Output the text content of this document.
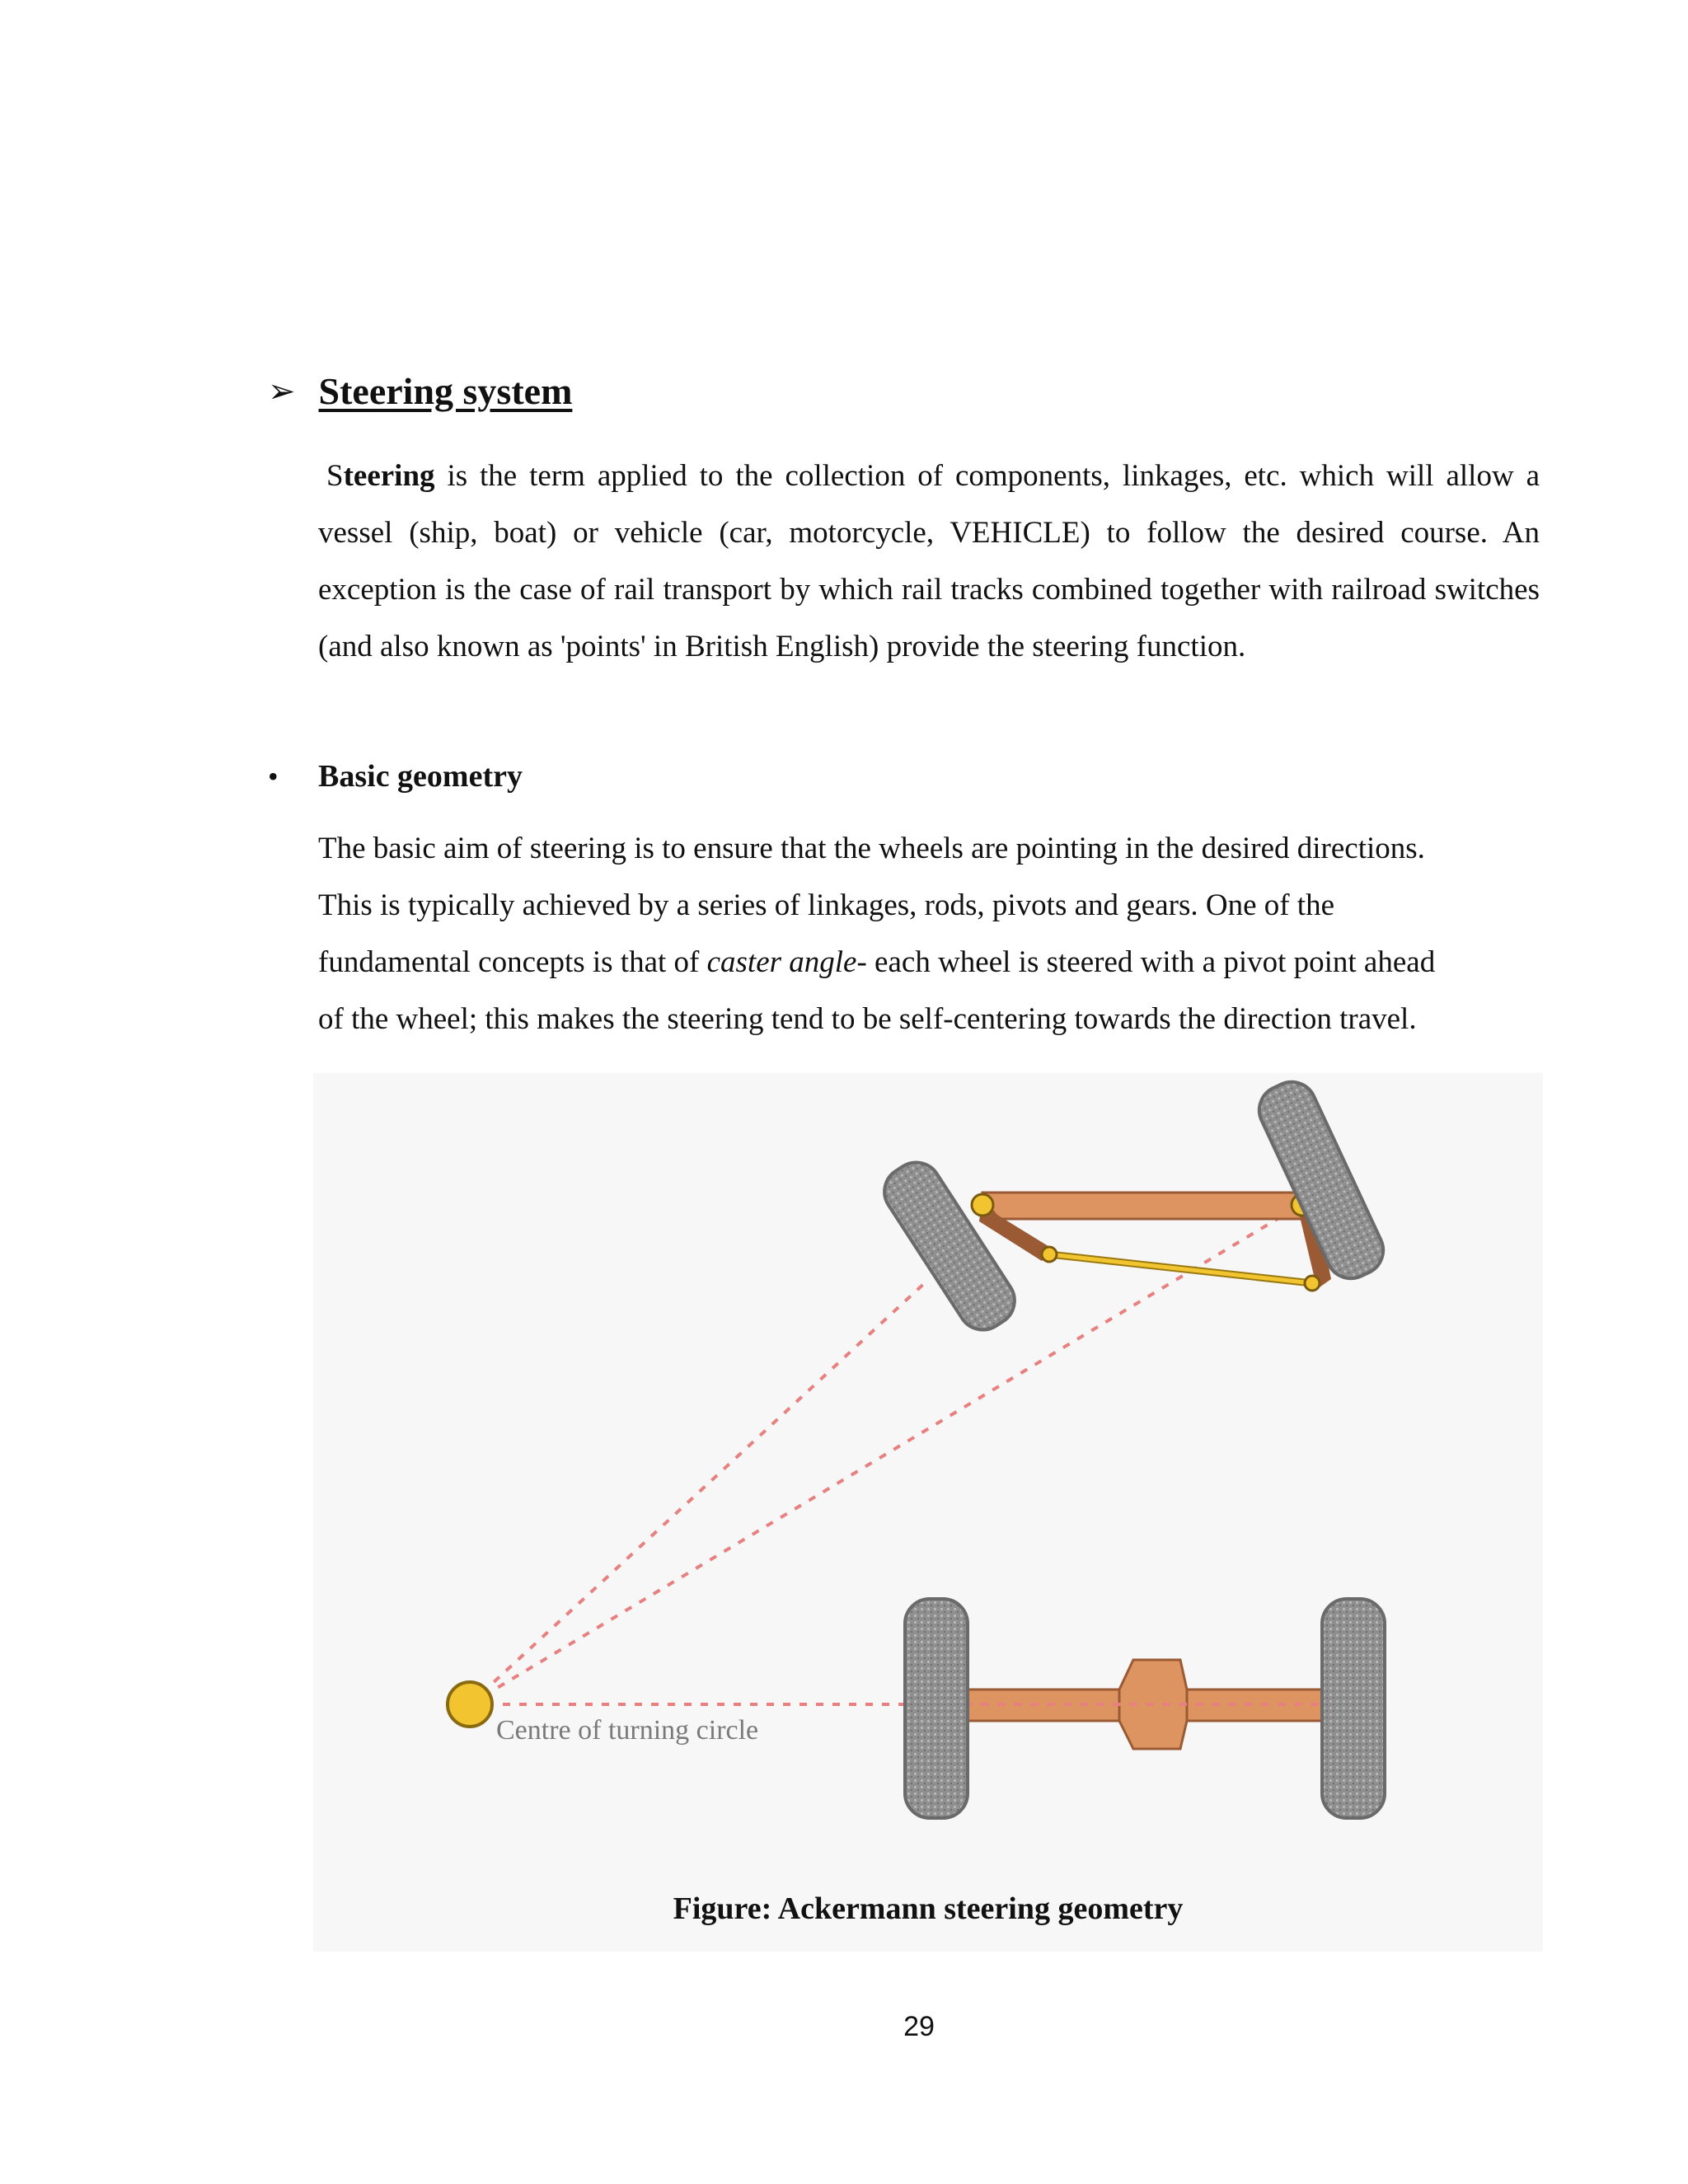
➢ Steering system

Steering is the term applied to the collection of components, linkages, etc. which will allow a vessel (ship, boat) or vehicle (car, motorcycle, VEHICLE) to follow the desired course. An exception is the case of rail transport by which rail tracks combined together with railroad switches (and also known as 'points' in British English) provide the steering function.

•	Basic geometry

The basic aim of steering is to ensure that the wheels are pointing in the desired directions.
This is typically achieved by a series of linkages, rods, pivots and gears. One of the
fundamental concepts is that of caster angle- each wheel is steered with a pivot point ahead
of the wheel; this makes the steering tend to be self-centering towards the direction travel.

Centre of turning circle
Figure: Ackermann steering geometry
29
